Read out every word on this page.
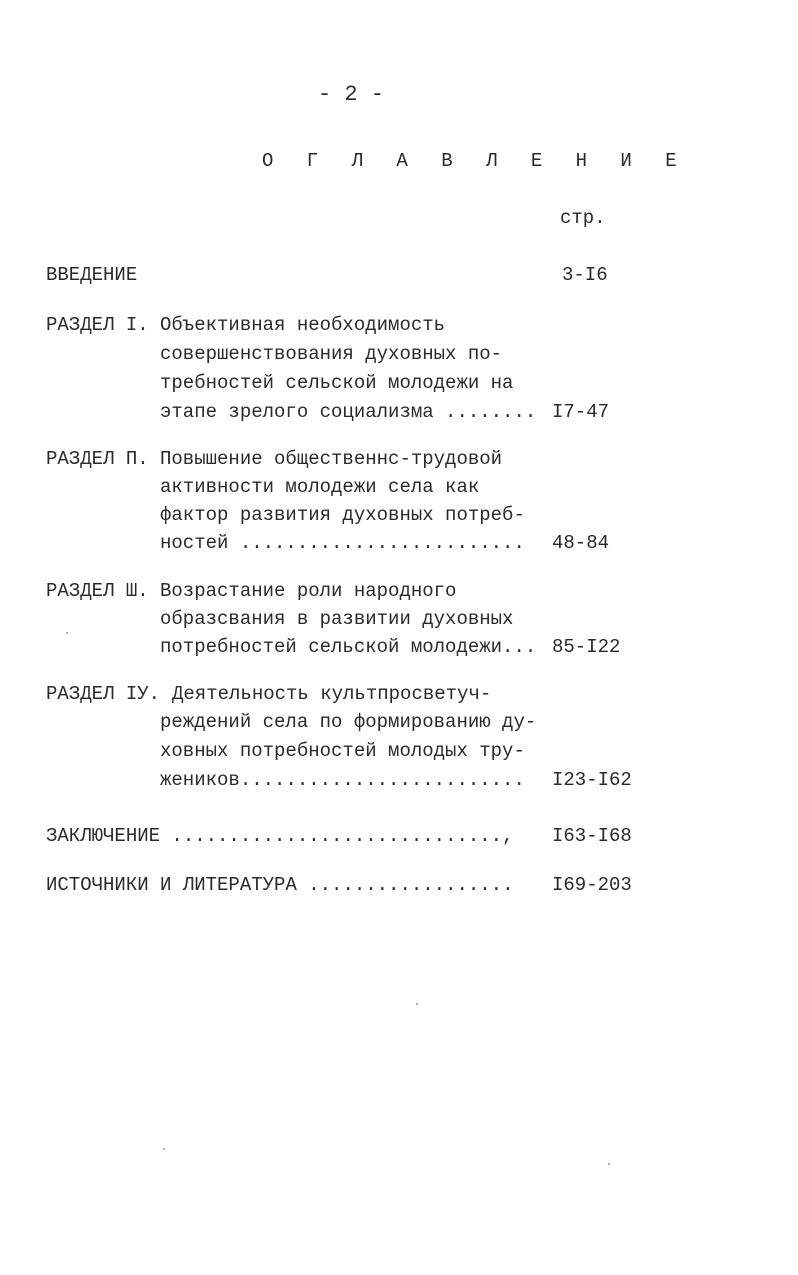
- 2 -
О Г Л А В Л Е Н И Е
стр.
ВВЕДЕНИЕ	3-I6
РАЗДЕЛ I. Объективная необходимость
совершенствования духовных по-
требностей сельской молодежи на
этапе зрелого социализма ........ I7-47
РАЗДЕЛ П. Повышение общественнс-трудовой
активности молодежи села как
фактор развития духовных потреб-
ностей ......................... 48-84
РАЗДЕЛ Ш. Возрастание роли народного
образсвания в развитии духовных
потребностей сельской молодежи... 85-I22
РАЗДЕЛ IУ. Деятельность культпросветуч-
реждений села по формированию ду-
ховных потребностей молодых тру-
жеников......................... I23-I62
ЗАКЛЮЧЕНИЕ ............................., I63-I68
ИСТОЧНИКИ И ЛИТЕРАТУРА .................. I69-203
